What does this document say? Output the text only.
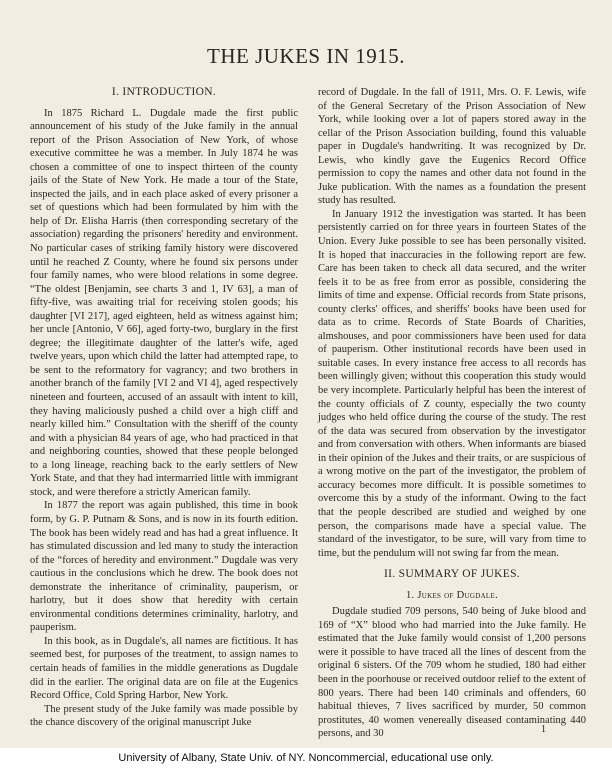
THE JUKES IN 1915.
I. INTRODUCTION.

In 1875 Richard L. Dugdale made the first public announcement of his study of the Juke family in the annual report of the Prison Association of New York, of whose executive committee he was a member. In July 1874 he was chosen a committee of one to inspect thirteen of the county jails of the State of New York. He made a tour of the State, inspected the jails, and in each place asked of every prisoner a set of questions which had been formulated by him with the help of Dr. Elisha Harris (then corresponding secretary of the association) regarding the prisoners' heredity and environment. No particular cases of striking family history were discovered until he reached Z County, where he found six persons under four family names, who were blood relations in some degree. “The oldest [Benjamin, see charts 3 and 1, IV 63], a man of fifty-five, was awaiting trial for receiving stolen goods; his daughter [VI 217], aged eighteen, held as witness against him; her uncle [Antonio, V 66], aged forty-two, burglary in the first degree; the illegitimate daughter of the latter's wife, aged twelve years, upon which child the latter had attempted rape, to be sent to the reformatory for vagrancy; and two brothers in another branch of the family [VI 2 and VI 4], aged respectively nineteen and fourteen, accused of an assault with intent to kill, they having maliciously pushed a child over a high cliff and nearly killed him.” Consultation with the sheriff of the county and with a physician 84 years of age, who had practiced in that and neighboring counties, showed that these people belonged to a long lineage, reaching back to the early settlers of New York State, and that they had intermarried little with immigrant stock, and were therefore a strictly American family.

In 1877 the report was again published, this time in book form, by G. P. Putnam & Sons, and is now in its fourth edition. The book has been widely read and has had a great influence. It has stimulated discussion and led many to study the interaction of the “forces of heredity and environment.” Dugdale was very cautious in the conclusions which he drew. The book does not demonstrate the inheritance of criminality, pauperism, or harlotry, but it does show that heredity with certain environmental conditions determines criminality, harlotry, and pauperism.

In this book, as in Dugdale's, all names are fictitious. It has seemed best, for purposes of the treatment, to assign names to certain heads of families in the middle generations as Dugdale did in the earlier. The original data are on file at the Eugenics Record Office, Cold Spring Harbor, New York.

The present study of the Juke family was made possible by the chance discovery of the original manuscript Juke

record of Dugdale. In the fall of 1911, Mrs. O. F. Lewis, wife of the General Secretary of the Prison Association of New York, while looking over a lot of papers stored away in the cellar of the Prison Association building, found this valuable paper in Dugdale's handwriting. It was recognized by Dr. Lewis, who kindly gave the Eugenics Record Office permission to copy the names and other data not found in the Juke publication. With the names as a foundation the present study has resulted.

In January 1912 the investigation was started. It has been persistently carried on for three years in fourteen States of the Union. Every Juke possible to see has been personally visited. It is hoped that inaccuracies in the following report are few. Care has been taken to check all data secured, and the writer feels it to be as free from error as possible, considering the limits of time and expense. Official records from State prisons, county clerks' offices, and sheriffs' books have been used for data as to crime. Records of State Boards of Charities, almshouses, and poor commissioners have been used for data of pauperism. Other institutional records have been used in suitable cases. In every instance free access to all records has been willingly given; without this cooperation this study would be very incomplete. Particularly helpful has been the interest of the county officials of Z county, especially the two county judges who held office during the course of the study. The rest of the data was secured from observation by the investigator and from conversation with others. When informants are biased in their opinion of the Jukes and their traits, or are suspicious of a wrong motive on the part of the investigator, the problem of accuracy becomes more difficult. It is possible sometimes to overcome this by a study of the informant. Owing to the fact that the people described are studied and weighed by one person, the comparisons made have a special value. The standard of the investigator, to be sure, will vary from time to time, but the pendulum will not swing far from the mean.

II. SUMMARY OF JUKES.
1. Jukes of Dugdale.

Dugdale studied 709 persons, 540 being of Juke blood and 169 of “X” blood who had married into the Juke family. He estimated that the Juke family would consist of 1,200 persons were it possible to have traced all the lines of descent from the original 6 sisters. Of the 709 whom he studied, 180 had either been in the poorhouse or received outdoor relief to the extent of 800 years. There had been 140 criminals and offenders, 60 habitual thieves, 7 lives sacrificed by murder, 50 common prostitutes, 40 women venereally diseased contaminating 440 persons, and 30	1
University of Albany, State Univ. of NY. Noncommercial, educational use only.
